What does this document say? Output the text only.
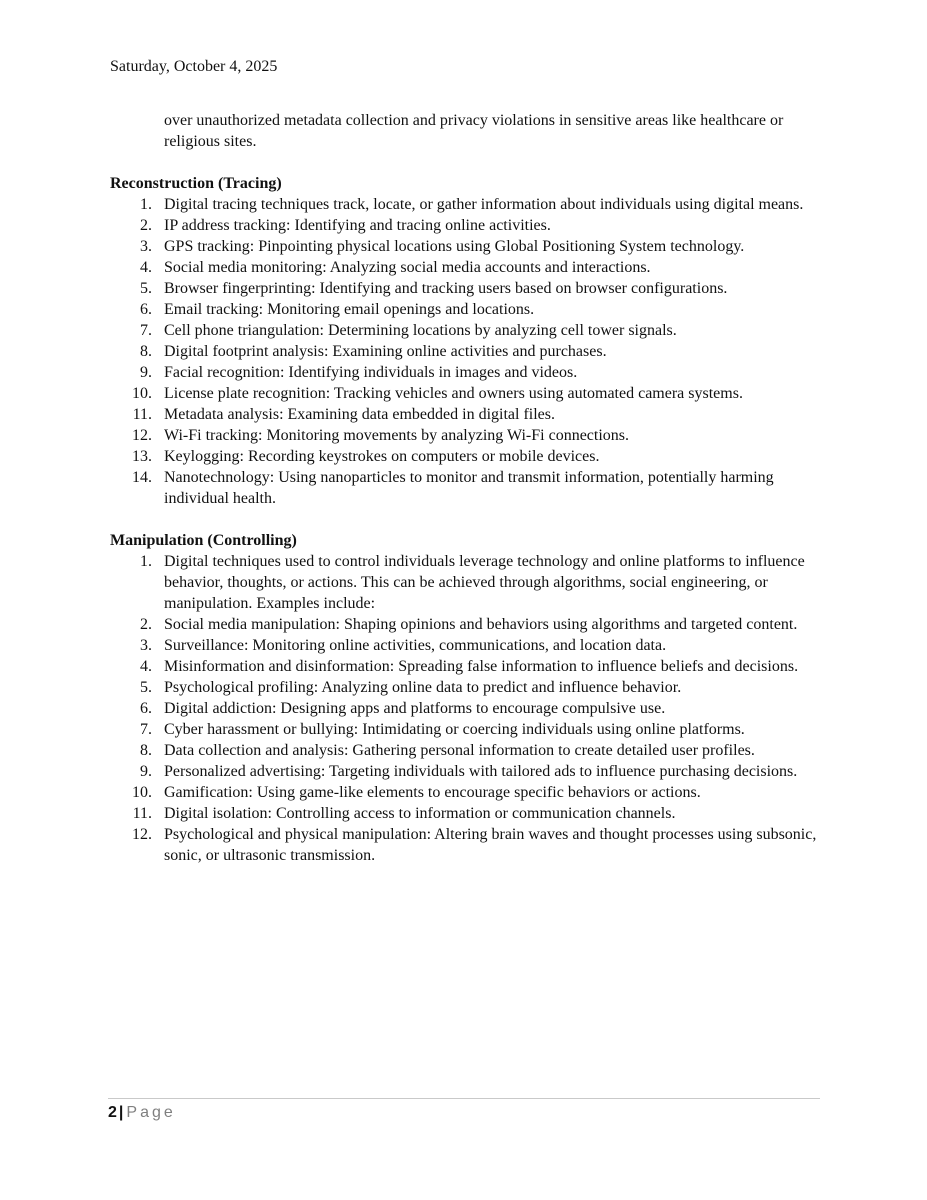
Saturday, October 4, 2025

over unauthorized metadata collection and privacy violations in sensitive areas like healthcare or religious sites.

Reconstruction (Tracing)

1. Digital tracing techniques track, locate, or gather information about individuals using digital means.
2. IP address tracking: Identifying and tracing online activities.
3. GPS tracking: Pinpointing physical locations using Global Positioning System technology.
4. Social media monitoring: Analyzing social media accounts and interactions.
5. Browser fingerprinting: Identifying and tracking users based on browser configurations.
6. Email tracking: Monitoring email openings and locations.
7. Cell phone triangulation: Determining locations by analyzing cell tower signals.
8. Digital footprint analysis: Examining online activities and purchases.
9. Facial recognition: Identifying individuals in images and videos.
10. License plate recognition: Tracking vehicles and owners using automated camera systems.
11. Metadata analysis: Examining data embedded in digital files.
12. Wi-Fi tracking: Monitoring movements by analyzing Wi-Fi connections.
13. Keylogging: Recording keystrokes on computers or mobile devices.
14. Nanotechnology: Using nanoparticles to monitor and transmit information, potentially harming individual health.

Manipulation (Controlling)

1. Digital techniques used to control individuals leverage technology and online platforms to influence behavior, thoughts, or actions. This can be achieved through algorithms, social engineering, or manipulation. Examples include:
2. Social media manipulation: Shaping opinions and behaviors using algorithms and targeted content.
3. Surveillance: Monitoring online activities, communications, and location data.
4. Misinformation and disinformation: Spreading false information to influence beliefs and decisions.
5. Psychological profiling: Analyzing online data to predict and influence behavior.
6. Digital addiction: Designing apps and platforms to encourage compulsive use.
7. Cyber harassment or bullying: Intimidating or coercing individuals using online platforms.
8. Data collection and analysis: Gathering personal information to create detailed user profiles.
9. Personalized advertising: Targeting individuals with tailored ads to influence purchasing decisions.
10. Gamification: Using game-like elements to encourage specific behaviors or actions.
11. Digital isolation: Controlling access to information or communication channels.
12. Psychological and physical manipulation: Altering brain waves and thought processes using subsonic, sonic, or ultrasonic transmission.
2 | Page
